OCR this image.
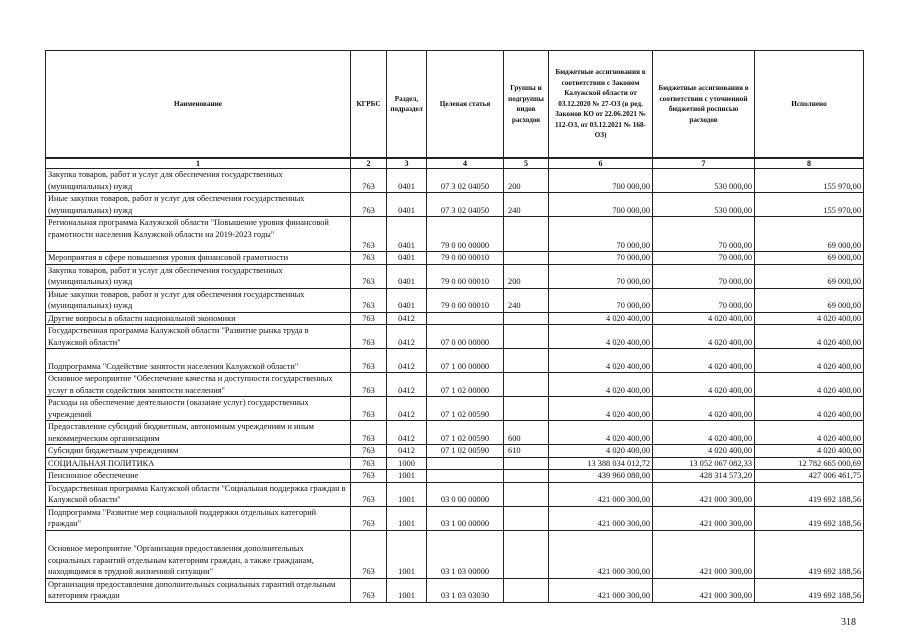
Наименование	КГРБС	Раздел, подраздел	Целевая статья	Группы и подгруппы видов расходов	Бюджетные ассигнования в соответствии с Законом Калужской области от 03.12.2020 № 27-ОЗ (в ред. Законов КО от 22.06.2021 № 112-ОЗ, от 03.12.2021 № 168-ОЗ)	Бюджетные ассигнования в соответствии с уточненной бюджетной росписью расходов	Исполнено
1	2	3	4	5	6	7	8
Закупка товаров, работ и услуг для обеспечения государственных (муниципальных) нужд	763	0401	07 3 02 04050	200	700 000,00	530 000,00	155 970,00
Иные закупки товаров, работ и услуг для обеспечения государственных (муниципальных) нужд	763	0401	07 3 02 04050	240	700 000,00	530 000,00	155 970,00
Региональная программа Калужской области "Повышение уровня финансовой грамотности населения Калужской области на 2019-2023 годы"	763	0401	79 0 00 00000		70 000,00	70 000,00	69 000,00
Мероприятия в сфере повышения уровня финансовой грамотности	763	0401	79 0 00 00010		70 000,00	70 000,00	69 000,00
Закупка товаров, работ и услуг для обеспечения государственных (муниципальных) нужд	763	0401	79 0 00 00010	200	70 000,00	70 000,00	69 000,00
Иные закупки товаров, работ и услуг для обеспечения государственных (муниципальных) нужд	763	0401	79 0 00 00010	240	70 000,00	70 000,00	69 000,00
Другие вопросы в области национальной экономики	763	0412			4 020 400,00	4 020 400,00	4 020 400,00
Государственная программа Калужской области "Развитие рынка труда в Калужской области"	763	0412	07 0 00 00000		4 020 400,00	4 020 400,00	4 020 400,00
Подпрограмма "Содействие занятости населения Калужской области"	763	0412	07 1 00 00000		4 020 400,00	4 020 400,00	4 020 400,00
Основное мероприятие "Обеспечение качества и доступности государственных услуг в области содействия занятости населения"	763	0412	07 1 02 00000		4 020 400,00	4 020 400,00	4 020 400,00
Расходы на обеспечение деятельности (оказание услуг) государственных учреждений	763	0412	07 1 02 00590		4 020 400,00	4 020 400,00	4 020 400,00
Предоставление субсидий бюджетным, автономным учреждениям и иным некоммерческим организациям	763	0412	07 1 02 00590	600	4 020 400,00	4 020 400,00	4 020 400,00
Субсидии бюджетным учреждениям	763	0412	07 1 02 00590	610	4 020 400,00	4 020 400,00	4 020 400,00
СОЦИАЛЬНАЯ ПОЛИТИКА	763	1000			13 388 034 012,72	13 052 067 082,33	12 782 665 000,69
Пенсионное обеспечение	763	1001			439 960 080,00	428 314 573,20	427 006 461,75
Государственная программа Калужской области "Социальная поддержка граждан в Калужской области"	763	1001	03 0 00 00000		421 000 300,00	421 000 300,00	419 692 188,56
Подпрограмма "Развитие мер социальной поддержки отдельных категорий граждан"	763	1001	03 1 00 00000		421 000 300,00	421 000 300,00	419 692 188,56
Основное мероприятие "Организация предоставления дополнительных социальных гарантий отдельным категориям граждан, а также гражданам, находящимся в трудной жизненной ситуации"	763	1001	03 1 03 00000		421 000 300,00	421 000 300,00	419 692 188,56
Организация предоставления дополнительных социальных гарантий отдельным категориям граждан	763	1001	03 1 03 03030		421 000 300,00	421 000 300,00	419 692 188,56
318
